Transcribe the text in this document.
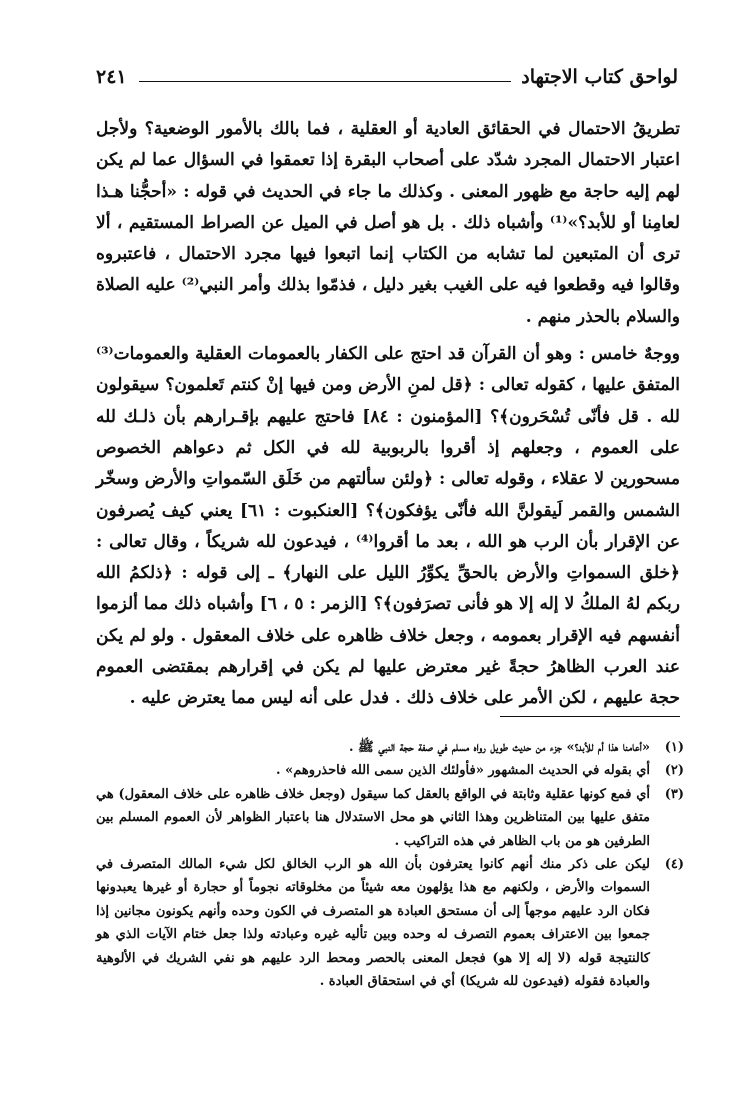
لواحق كتاب الاجتهاد
٢٤١

تطريقُ الاحتمال في الحقائق العادية أو العقلية ، فما بالك بالأمور الوضعية؟ ولأجل اعتبار الاحتمال المجرد شدّد على أصحاب البقرة إذا تعمقوا في السؤال عما لم يكن لهم إليه حاجة مع ظهور المعنى . وكذلك ما جاء في الحديث في قوله : «أحجُّنا هـذا لعامِنا أو للأبد؟»⁽¹⁾ وأشباه ذلك . بل هو أصل في الميل عن الصراط المستقيم ، ألا ترى أن المتبعين لما تشابه من الكتاب إنما اتبعوا فيها مجرد الاحتمال ، فاعتبروه وقالوا فيه وقطعوا فيه على الغيب بغير دليل ، فذمّوا بذلك وأمر النبي⁽²⁾ عليه الصلاة والسلام بالحذر منهم .

ووجهٌ خامس : وهو أن القرآن قد احتج على الكفار بالعمومات العقلية والعمومات⁽³⁾ المتفق عليها ، كقوله تعالى : ﴿قل لمنِ الأرض ومن فيها إنْ كنتم تَعلمون؟ سيقولون لله . قل فأنّى تُسْحَرون﴾؟ [المؤمنون : ٨٤] فاحتج عليهم بإقـرارهم بأن ذلـك لله على العموم ، وجعلهم إذ أقروا بالربوبية لله في الكل ثم دعواهم الخصوص مسحورين لا عقلاء ، وقوله تعالى : ﴿ولئن سألتهم من خَلَق السّمواتِ والأرض وسخّر الشمس والقمر لَيقولنَّ الله فأنّى يؤفكون﴾؟ [العنكبوت : ٦١] يعني كيف يُصرفون عن الإقرار بأن الرب هو الله ، بعد ما أقروا⁽⁴⁾ ، فيدعون لله شريكاً ، وقال تعالى : ﴿خلق السمواتِ والأرض بالحقِّ يكوِّرُ الليل على النهار﴾ ـ إلى قوله : ﴿ذلكمُ الله ربكم لهُ الملكُ لا إله إلا هو فأنى تصرَفون﴾؟ [الزمر : ٥ ، ٦] وأشباه ذلك مما ألزموا أنفسهم فيه الإقرار بعمومه ، وجعل خلاف ظاهره على خلاف المعقول . ولو لم يكن عند العرب الظاهرُ حجةً غير معترض عليها لم يكن في إقرارهم بمقتضى العموم حجة عليهم ، لكن الأمر على خلاف ذلك . فدل على أنه ليس مما يعترض عليه .

(١)
«أعامنا هذا أم للأبد؟» جزء من حديث طويل رواه مسلم في صفة حجة النبي ﷺ .
(٢)
أي بقوله في الحديث المشهور «فأولئك الذين سمى الله فاحذروهم» .
(٣)
أي فمع كونها عقلية وثابتة في الواقع بالعقل كما سيقول (وجعل خلاف ظاهره على خلاف المعقول) هي متفق عليها بين المتناظرين وهذا الثاني هو محل الاستدلال هنا باعتبار الظواهر لأن العموم المسلم بين الطرفين هو من باب الظاهر في هذه التراكيب .
(٤)
ليكن على ذكر منك أنهم كانوا يعترفون بأن الله هو الرب الخالق لكل شيء المالك المتصرف في السموات والأرض ، ولكنهم مع هذا يؤلهون معه شيئاً من مخلوقاته نجوماً أو حجارة أو غيرها يعبدونها فكان الرد عليهم موجهاً إلى أن مستحق العبادة هو المتصرف في الكون وحده وأنهم يكونون مجانين إذا جمعوا بين الاعتراف بعموم التصرف له وحده وبين تأليه غيره وعبادته ولذا جعل ختام الآيات الذي هو كالنتيجة قوله (لا إله إلا هو) فجعل المعنى بالحصر ومحط الرد عليهم هو نفي الشريك في الألوهية والعبادة فقوله (فيدعون لله شريكا) أي في استحقاق العبادة .
